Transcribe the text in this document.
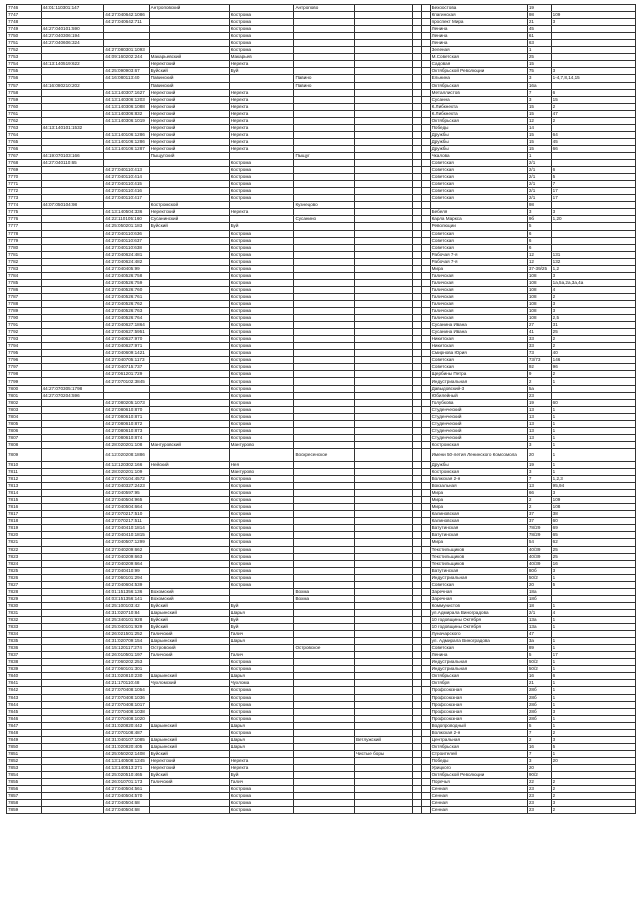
7746	44:01:110301:147		Антроповский		Антропово				Бехоостова	19	
7747		44:27:040642:1086		Кострома					Кпагинская	98	109
7748		44:27:040642:711		Кострома					проспект Мира	21	3
7749	44:27:040101:590			Кострома					Ленина	45	
7750	44:27:040306:194			Кострома					Ленина	61	
7751	44:27:040606:324			Кострома					Ленина	63	
7752		44:27:080301:1093		Кострома					Зеленая	1	
7753		44:09:160202:244	Макарьевский	Макарьев					М.Советская	25	
7754	44:13:140519:622		Нерехтский	Нерехта					Садовая	15	
7755		44:25:090903:67	Буйский	Буй					Октябрьской Революции	75	3
7756		44:16:080113:40	Павинский		Павино				Ельнина	3	1-4,7,8,14,15
7757	44:16:080210:202		Павинский		Павино				Октябрьская	16а	
7758		44:13:140307:1627	Нерехтский	Нерехта					Металлистов	7	6
7759		44:13:140306:1203	Нерехтский	Нерехта					Сусанна	3	15
7760		44:13:140306:1088	Нерехтский	Нерехта					К.Либкнехта	15	2
7761		44:13:140306:832	Нерехтский	Нерехта					К.Либкнехта	15	47
7762		44:13:140306:1019	Нерехтский	Нерехта					Октябрьская	12	2
7763	44:13:140101:1532		Нерехтский	Нерехта					Победы	14	
7764		44:13:140106:1286	Нерехтский	Нерехта					Дружбы	15	64
7765		44:13:140106:1286	Нерехтский	Нерехта					Дружбы	15	45
7766		44:13:140106:1287	Нерехтский	Нерехта					Дружбы	15	66
7767	44:19:070103:166		Пыщугский		Пыщуг				Чкалова	1	
7768	44:27:040110:65			Кострома					Советская	2/1	
7769		44:27:040110:413		Кострома					Советская	2/1	6
7770		44:27:040110:414		Кострома					Советская	2/1	5
7771		44:27:040110:415		Кострома					Советская	2/1	7
7772		44:27:040110:416		Кострома					Советская	2/1	17
7773		44:27:040110:417		Кострома					Советская	2/1	17
7774	44:07:050104:98		Костромской		Кузнецово					98	
7775		44:13:140504:336	Нерехтский	Нерехта					Бебеля	3	3
7776		44:22:110105:160	Сусанинский		Сусанино				Карла Маркса	9б	1,20
7777		44:25:050201:183	Буйский	Буй					Революции	5	
7778		44:27:040110:636		Кострома					Советская	6	
7779		44:27:040110:637		Кострома					Советская	6	
7780		44:27:040110:638		Кострома					Советская	6	
7781		44:27:040624:481		Кострома					Рабочая 7-я	12	131
7782		44:27:040624:482		Кострома					Рабочая 7-я	12	132
7783		44:27:040405:99		Кострома					Мира	37-39/25	1,2
7784		44:27:040526:758		Кострома					Галичская	108	3
7785		44:27:040526:759		Кострома					Галичская	108	1а,5а,2а,3а,4а
7786		44:27:040526:760		Кострома					Галичская	108	4
7787		44:27:040526:761		Кострома					Галичская	108	2
7788		44:27:040526:762		Кострома					Галичская	108	3
7789		44:27:040526:763		Кострома					Галичская	108	3
7790		44:27:040526:764		Кострома					Галичская	108	2,5
7791		44:27:040627:1864		Кострома					Сусанина Ивана	27	31
7792		44:27:040627:5951		Кострома					Сусанина Ивана	41	25
7793		44:27:040627:970		Кострома					Никитская	33	2
7794		44:27:040627:971		Кострома					Никитская	33	2
7795		44:27:040609:1421		Кострома					Смирнова Юрия	73	40
7796		44:27:040705:1173		Кострома					Советская	73/73	146
7797		44:27:040715:737		Кострома					Советская	92	96
7798		44:27:061201:729		Кострома					Щербины Петра	9	2
7799		44:27:070102:3845		Кострома					Индустриальная	2	1
7800	44:27:070305:1798			Кострома					Давыдовский-3	5а	
7801	44:27:070204:596			Кострома					Юбилейный	23	
7802		44:27:080205:1073		Кострома					Голубкова	19	60
7803		44:27:080610:870		Кострома					Студенческий	13	1
7804		44:27:080610:871		Кострома					Студенческий	13	1
7805		44:27:080610:872		Кострома					Студенческий	13	1
7806		44:27:080610:873		Кострома					Студенческий	13	1
7807		44:27:080610:874		Кострома					Студенческий	13	1
7808		44:28:020201:108	Мантуровский	Мантурово					Костромская	3	1
7809		44:12:020208:1886			Воскресенское				Имени 50-летия Ленинского Комсомола	20	1
7810		44:12:120302:166	Нейский	Нея					Дружбы	19	1
7811		44:28:020201:109		Мантурово					Костромская	3	1
7812		44:27:070104:4572		Кострома					Волжская 2-я	7	1,2,3
7813		44:27:040327:2423		Кострома					Вокзальная	13	95,94
7814		44:27:040597:95		Кострома					Мира	66	3
7815		44:27:040504:965		Кострома					Мира	2	109
7816		44:27:040504:664		Кострома					Мира	2	108
7817		44:27:070217:510		Кострома					Калиновская	37	38
7818		44:27:070217:511		Кострома					Калиновская	37	60
7819		44:27:040410:1814		Кострома					Ватутинская	78/29	69
7820		44:27:040410:1815		Кострома					Ватутинская	78/29	65
7821		44:27:040507:1299		Кострома					Мира	54	62
7822		44:27:040209:662		Кострома					Текстильщиков	40/39	25
7823		44:27:040209:663		Кострома					Текстильщиков	40/39	25
7824		44:27:040209:664		Кострома					Текстильщиков	40/39	16
7825		44:27:040410:99		Кострома					Ватутинская	80б	3
7826		44:27:060101:294		Кострома					Индустриальная	50/2	1
7827		44:27:040604:539		Кострома					Советская	20	5
7828		44:01:151356:136	Вохомский		Вохма				Заречная	18а	
7829		44:03:151356:141	Вохомский		Вохма				Заречная	18б	
7830		44:25:100103:42	Буйский	Буй					Коммунистов	18	1
7831		44:31:020710:84	Шарьинский	Шарья					ул.Адмирала Виноградова	2/1	4
7832		44:25:340101:928	Буйский	Буй					10 годовщины Октября	13а	1
7833		44:25:040101:929	Буйский	Буй					10 годовщины Октября	13а	1
7834		44:26:021501:252	Галичский	Галич					Луначарского	47	
7835		44:31:020709:154	Шарьинский	Шарья					ул. Адмирала Виноградова	3а	1
7836		44:15:120117:274	Островский		Островское				Советская	89	1
7837		44:26:010501:197	Галичский	Галич					Ленина	5	17
7838		44:27:060202:253		Кострома					Индустриальная	50/2	1
7839		44:27:060101:301		Кострома					Индустриальная	50/2	1
7840		44:31:020810:230	Шарьинский	Шарья					Октябрьская	16	6
7841		44:21:170110:48	Чухломский	Чухлома					Октября	21	1
7842		44:27:070408:1054		Кострома					Профсоюзная	28б	1
7843		44:27:070408:1036		Кострома					Профсоюзная	28б	1
7844		44:27:070408:1017		Кострома					Профсоюзная	28б	1
7845		44:27:070408:1038		Кострома					Профсоюзная	28б	3
7846		44:27:070408:1020		Кострома					Профсоюзная	28б	1
7847		44:31:020820:442	Шарьинский	Шарья					Водопроводный	5	1
7848		44:27:070108:487		Кострома					Волжская 2-я	7	2
7849		44:31:040107:1085	Шарьинский	Шарья		Ветлужский			Центральная	2	3
7850		44:31:020820:405	Шарьинский	Шарья					Октябрьская	16	5
7851		44:25:050202:1408	Буйский			Чистые боры			Строителей	7	1
7852		44:13:140508:1245	Нерехтский	Нерехта					Победы	3	20
7853		44:13:140513:271	Нерехтский	Нерехта					Урицкого	20	
7854		44:25:020510:465	Буйский	Буй					Октябрьской Революции	90/2	
7855		44:26:010701:173	Галичский	Галич					Поречья	22	2
7856		44:27:040504:561		Кострома					Сенная	23	2
7857		44:27:040504:570		Кострома					Сенная	23	2
7858		44:27:040504:68		Кострома					Сенная	23	3
7859		44:27:040504:68		Кострома					Сенная	23	2
